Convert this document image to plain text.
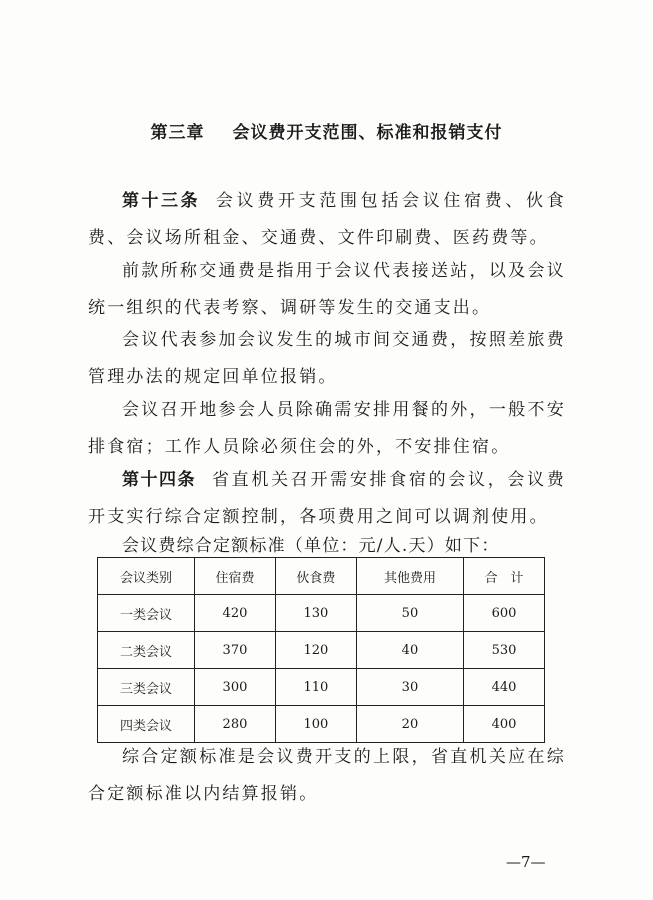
第三章 会议费开支范围、标准和报销支付

第十三条 会议费开支范围包括会议住宿费、伙食费、会议场所租金、交通费、文件印刷费、医药费等。

前款所称交通费是指用于会议代表接送站，以及会议统一组织的代表考察、调研等发生的交通支出。

会议代表参加会议发生的城市间交通费，按照差旅费管理办法的规定回单位报销。

会议召开地参会人员除确需安排用餐的外，一般不安排食宿；工作人员除必须住会的外，不安排住宿。

第十四条 省直机关召开需安排食宿的会议，会议费开支实行综合定额控制，各项费用之间可以调剂使用。

会议费综合定额标准（单位：元/人.天）如下：

会议类别	住宿费	伙食费	其他费用	合　计
一类会议	420	130	50	600
二类会议	370	120	40	530
三类会议	300	110	30	440
四类会议	280	100	20	400

综合定额标准是会议费开支的上限，省直机关应在综合定额标准以内结算报销。

—7—
